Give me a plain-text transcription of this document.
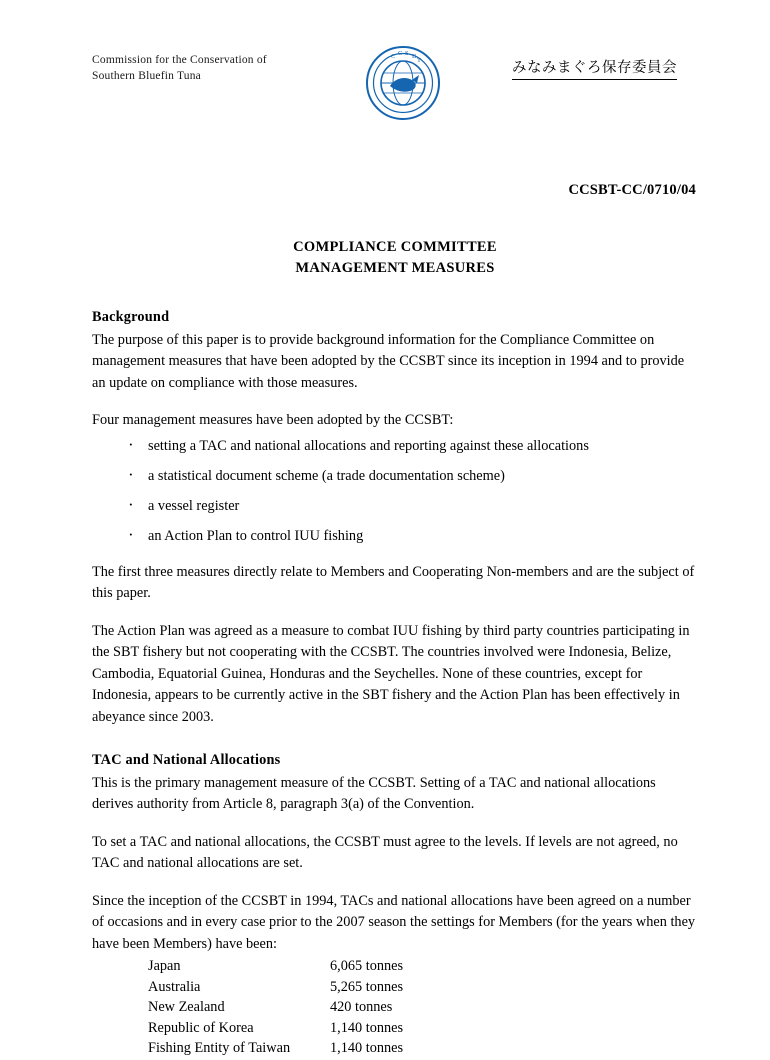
Commission for the Conservation of
Southern Bluefin Tuna
C C S B
T	みなみまぐろ保存委員会
CCSBT-CC/0710/04
COMPLIANCE COMMITTEE
MANAGEMENT MEASURES
Background

The purpose of this paper is to provide background information for the Compliance Committee on management measures that have been adopted by the CCSBT since its inception in 1994 and to provide an update on compliance with those measures.

Four management measures have been adopted by the CCSBT:

· setting a TAC and national allocations and reporting against these allocations
· a statistical document scheme (a trade documentation scheme)
· a vessel register
· an Action Plan to control IUU fishing

The first three measures directly relate to Members and Cooperating Non-members and are the subject of this paper.

The Action Plan was agreed as a measure to combat IUU fishing by third party countries participating in the SBT fishery but not cooperating with the CCSBT. The countries involved were Indonesia, Belize, Cambodia, Equatorial Guinea, Honduras and the Seychelles. None of these countries, except for Indonesia, appears to be currently active in the SBT fishery and the Action Plan has been effectively in abeyance since 2003.

TAC and National Allocations

This is the primary management measure of the CCSBT. Setting of a TAC and national allocations derives authority from Article 8, paragraph 3(a) of the Convention.

To set a TAC and national allocations, the CCSBT must agree to the levels. If levels are not agreed, no TAC and national allocations are set.

Since the inception of the CCSBT in 1994, TACs and national allocations have been agreed on a number of occasions and in every case prior to the 2007 season the settings for Members (for the years when they have been Members) have been:

Japan	6,065 tonnes
Australia	5,265 tonnes
New Zealand	420 tonnes
Republic of Korea	1,140 tonnes
Fishing Entity of Taiwan	1,140 tonnes
